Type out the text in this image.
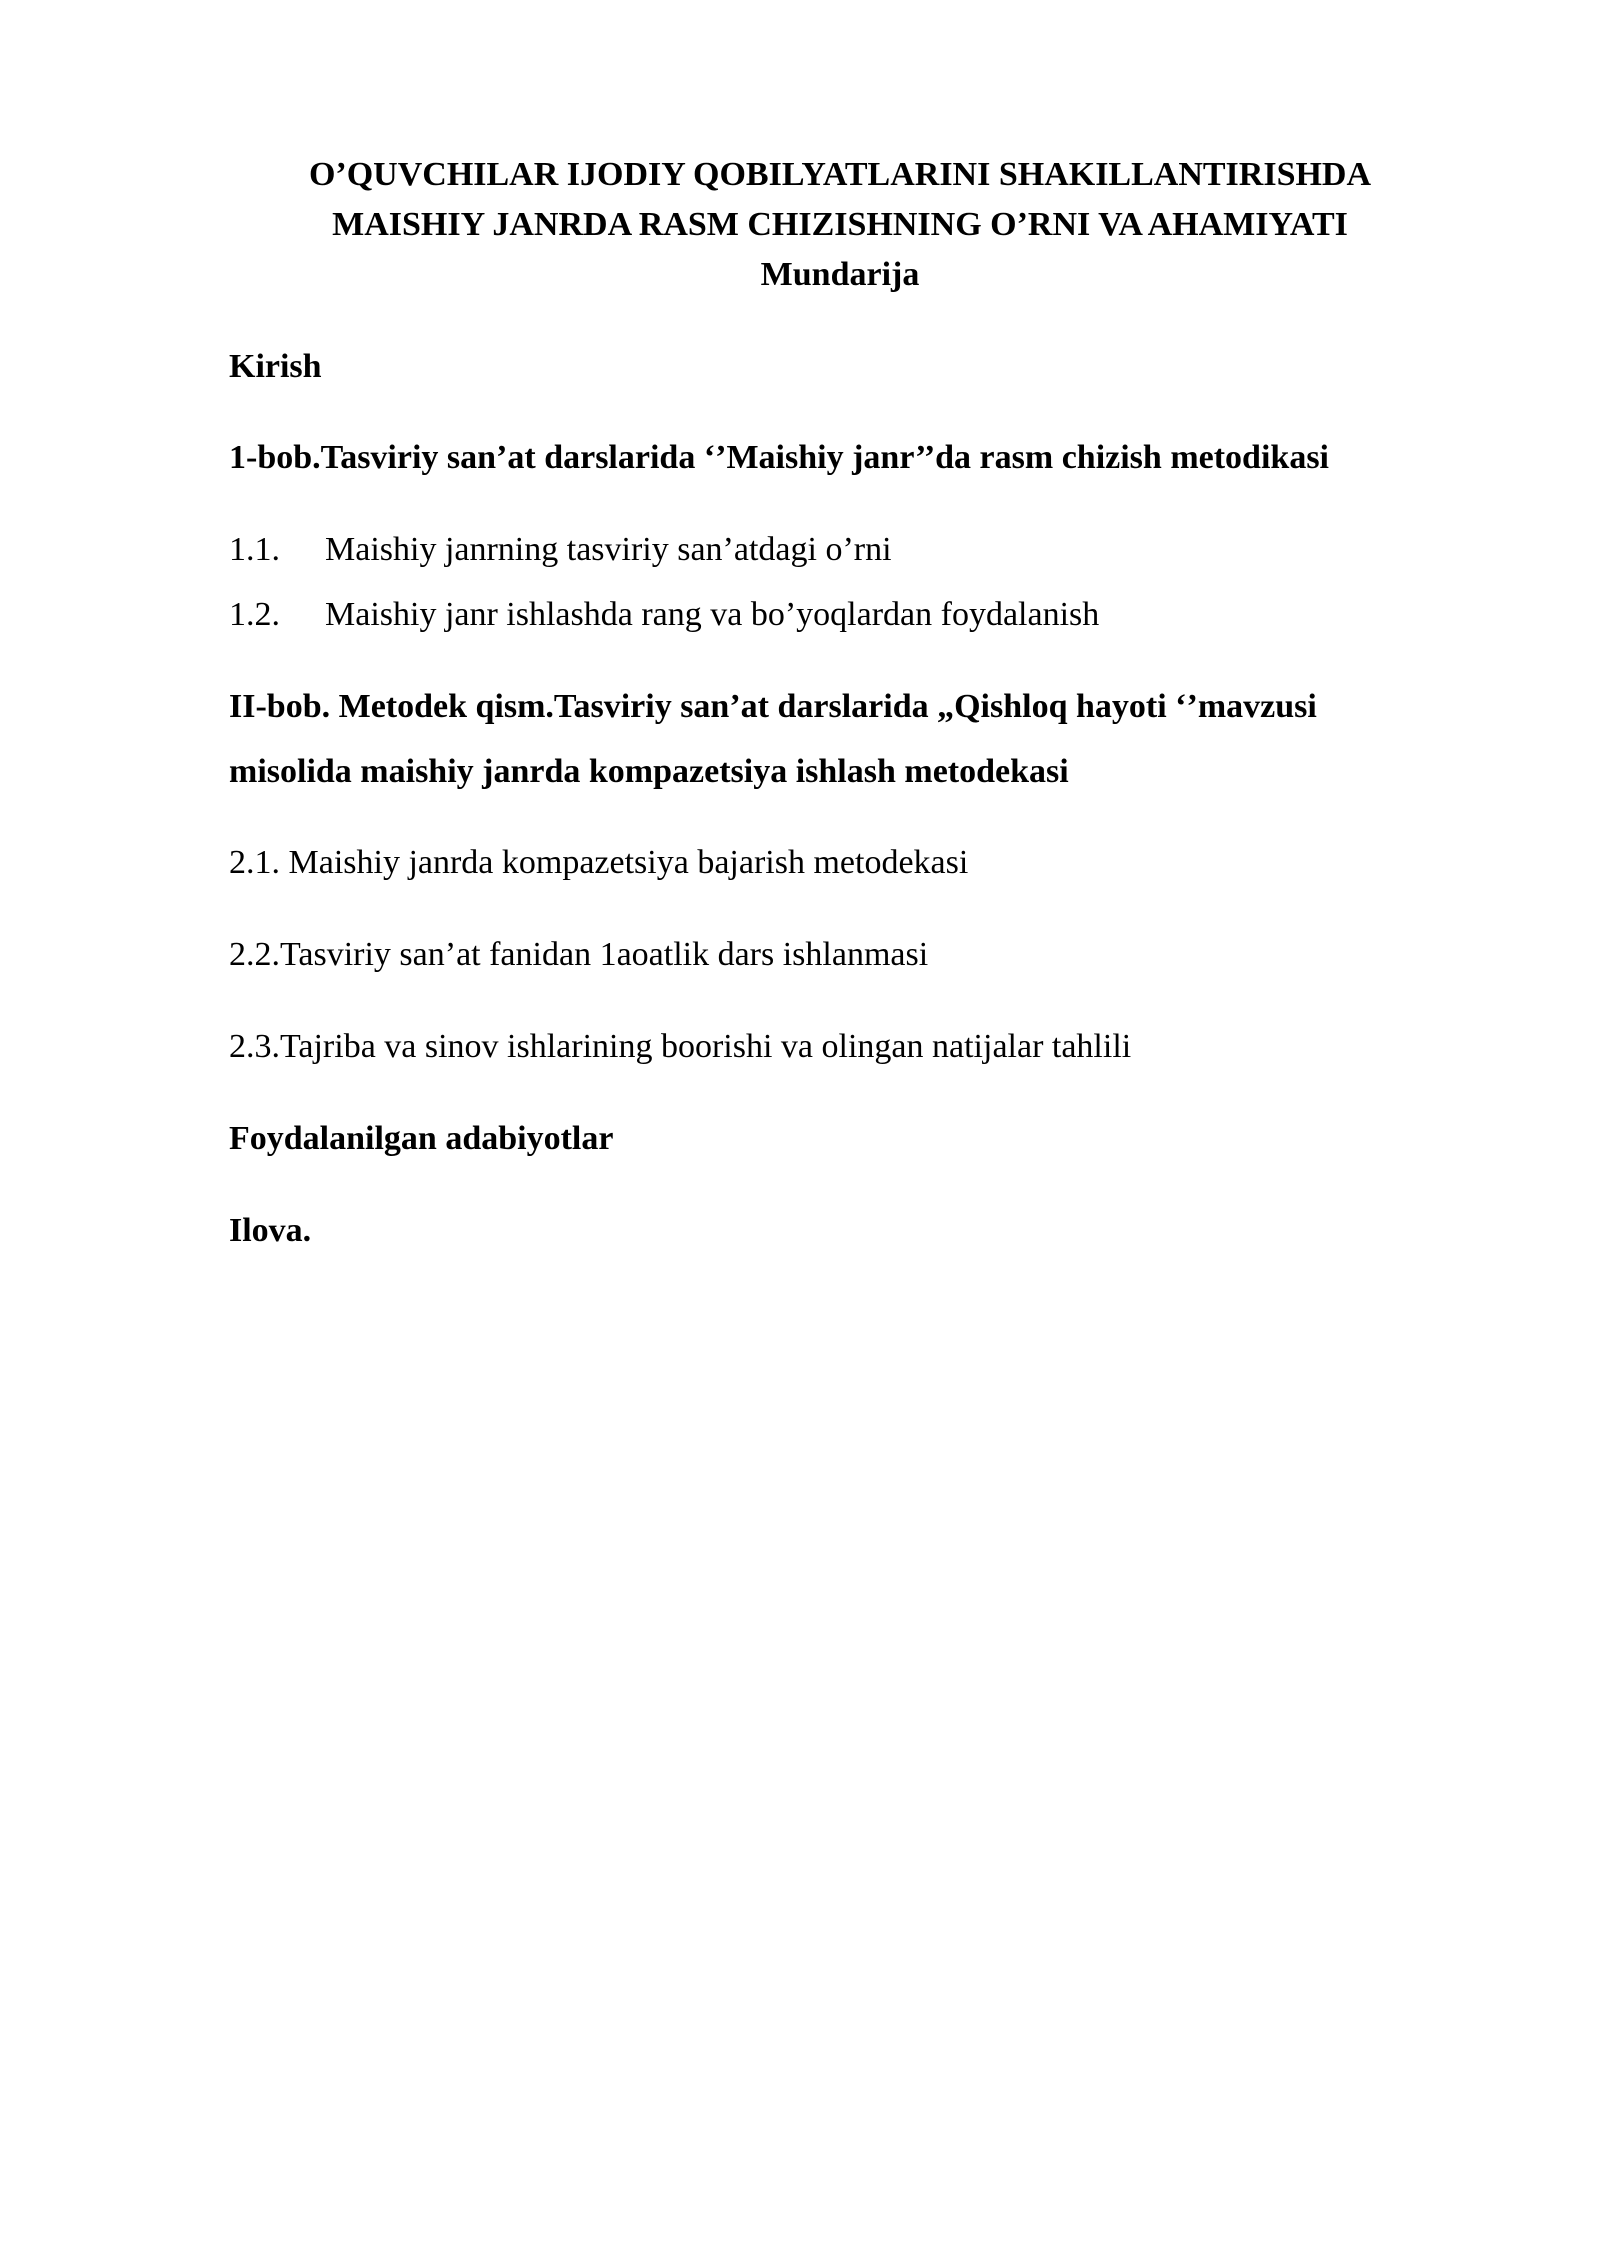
O’QUVCHILAR IJODIY QOBILYATLARINI SHAKILLANTIRISHDA
MAISHIY JANRDA RASM CHIZISHNING O’RNI VA AHAMIYATI
Mundarija
Kirish
1-bob.Tasviriy san’at darslarida ‘’Maishiy janr’’da rasm chizish metodikasi
1.1. Maishiy janrning tasviriy san’atdagi o’rni
1.2. Maishiy janr ishlashda rang va bo’yoqlardan foydalanish
II-bob. Metodek qism.Tasviriy san’at darslarida „Qishloq hayoti ‘’mavzusi
misolida maishiy janrda kompazetsiya ishlash metodekasi
2.1. Maishiy janrda kompazetsiya bajarish metodekasi
2.2.Tasviriy san’at fanidan 1aoatlik dars ishlanmasi
2.3.Tajriba va sinov ishlarining boorishi va olingan natijalar tahlili
Foydalanilgan adabiyotlar
Ilova.
